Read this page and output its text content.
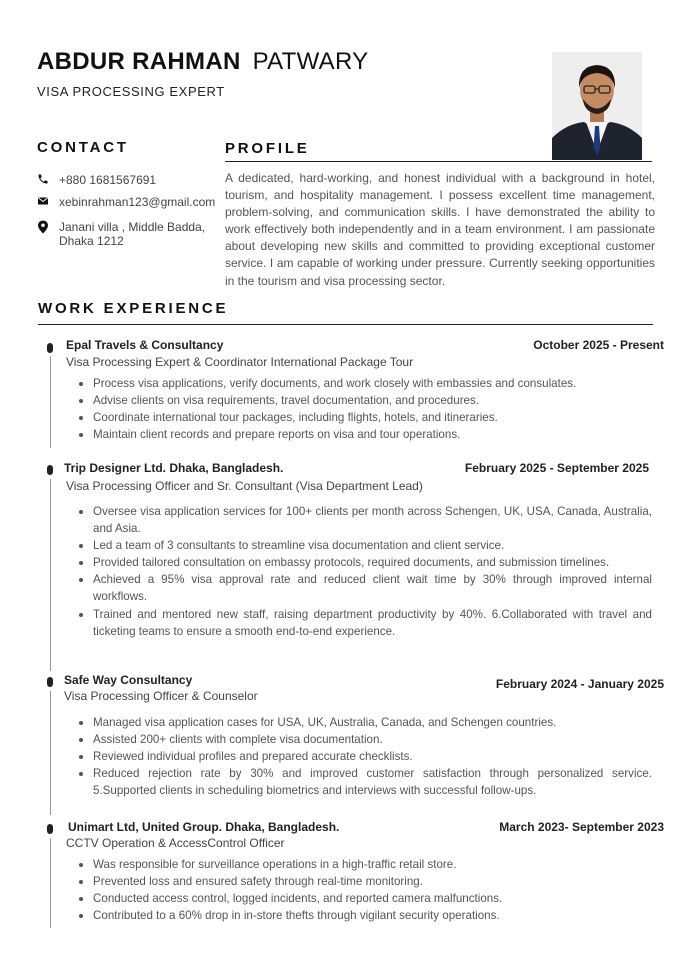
ABDUR RAHMAN PATWARY
VISA PROCESSING EXPERT
CONTACT
+880 1681567691
xebinrahman123@gmail.com
Janani villa , Middle Badda, Dhaka 1212
PROFILE
A dedicated, hard-working, and honest individual with a background in hotel, tourism, and hospitality management. I possess excellent time management, problem-solving, and communication skills. I have demonstrated the ability to work effectively both independently and in a team environment. I am passionate about developing new skills and committed to providing exceptional customer service. I am capable of working under pressure. Currently seeking opportunities in the tourism and visa processing sector.
WORK EXPERIENCE
Epal Travels & Consultancy	October 2025 - Present
Visa Processing Expert & Coordinator International Package Tour
Process visa applications, verify documents, and work closely with embassies and consulates.
Advise clients on visa requirements, travel documentation, and procedures.
Coordinate international tour packages, including flights, hotels, and itineraries.
Maintain client records and prepare reports on visa and tour operations.
Trip Designer Ltd. Dhaka, Bangladesh.	February 2025 - September 2025
Visa Processing Officer and Sr. Consultant (Visa Department Lead)
Oversee visa application services for 100+ clients per month across Schengen, UK, USA, Canada, Australia, and Asia.
Led a team of 3 consultants to streamline visa documentation and client service.
Provided tailored consultation on embassy protocols, required documents, and submission timelines.
Achieved a 95% visa approval rate and reduced client wait time by 30% through improved internal workflows.
Trained and mentored new staff, raising department productivity by 40%. 6.Collaborated with travel and ticketing teams to ensure a smooth end-to-end experience.
Safe Way Consultancy	February 2024 - January 2025
Visa Processing Officer & Counselor
Managed visa application cases for USA, UK, Australia, Canada, and Schengen countries.
Assisted 200+ clients with complete visa documentation.
Reviewed individual profiles and prepared accurate checklists.
Reduced rejection rate by 30% and improved customer satisfaction through personalized service. 5.Supported clients in scheduling biometrics and interviews with successful follow-ups.
Unimart Ltd, United Group. Dhaka, Bangladesh.	March 2023- September 2023
CCTV Operation & AccessControl Officer
Was responsible for surveillance operations in a high-traffic retail store.
Prevented loss and ensured safety through real-time monitoring.
Conducted access control, logged incidents, and reported camera malfunctions.
Contributed to a 60% drop in in-store thefts through vigilant security operations.
